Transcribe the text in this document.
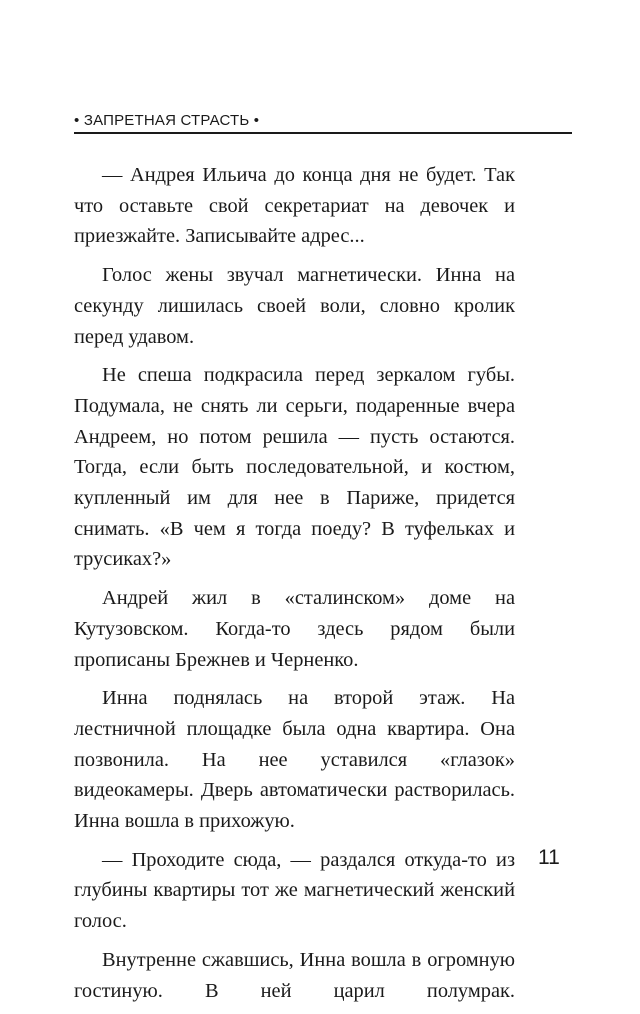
• ЗАПРЕТНАЯ СТРАСТЬ •

— Андрея Ильича до конца дня не будет. Так что оставьте свой секретариат на девочек и приезжайте. Записывайте адрес...

Голос жены звучал магнетически. Инна на секунду лишилась своей воли, словно кролик перед удавом.

Не спеша подкрасила перед зеркалом губы. Подумала, не снять ли серьги, подаренные вчера Андреем, но потом решила — пусть остаются. Тогда, если быть последовательной, и костюм, купленный им для нее в Париже, придется снимать. «В чем я тогда поеду? В туфельках и трусиках?»

Андрей жил в «сталинском» доме на Кутузовском. Когда-то здесь рядом были прописаны Брежнев и Черненко.

Инна поднялась на второй этаж. На лестничной площадке была одна квартира. Она позвонила. На нее уставился «глазок» видеокамеры. Дверь автоматически растворилась. Инна вошла в прихожую.

— Проходите сюда, — раздался откуда-то из глубины квартиры тот же магнетический женский голос.

Внутренне сжавшись, Инна вошла в огромную гостиную. В ней царил полумрак.

11
